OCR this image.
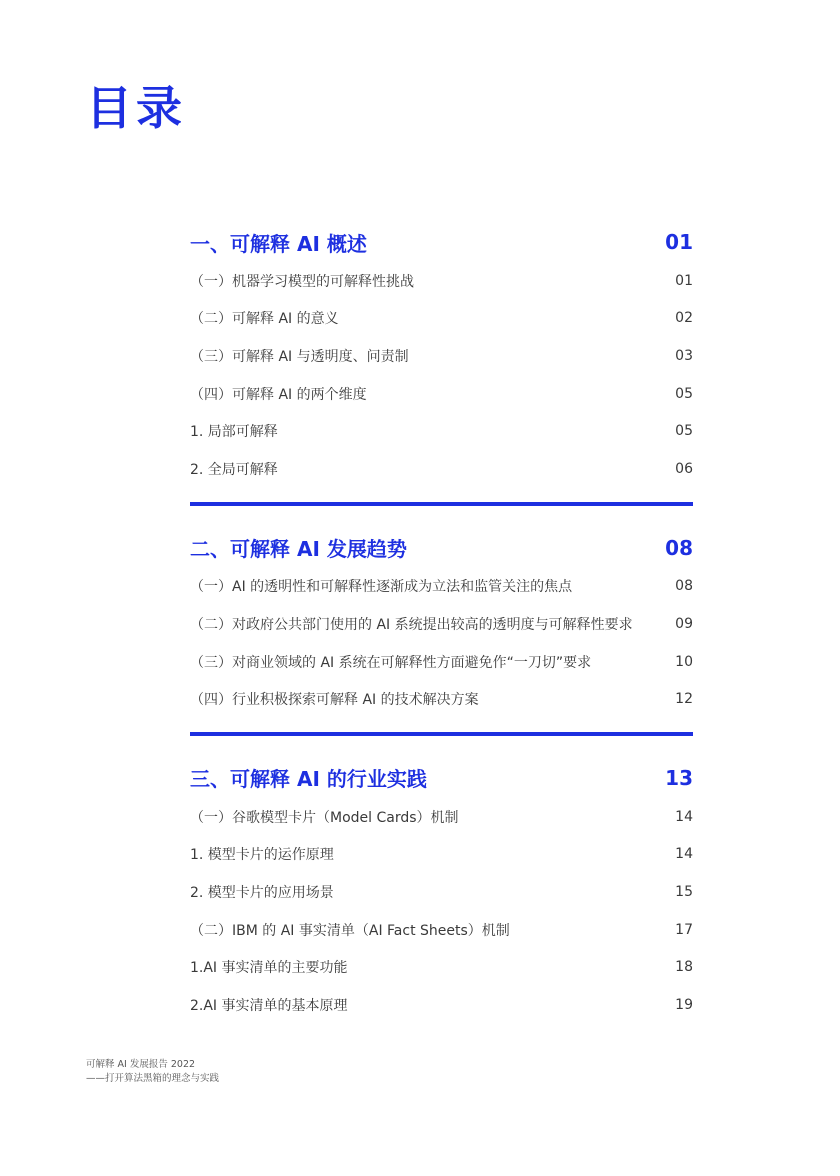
目录
一、可解释 AI 概述	01
（一）机器学习模型的可解释性挑战	01
（二）可解释 AI 的意义	02
（三）可解释 AI 与透明度、问责制	03
（四）可解释 AI 的两个维度	05
1. 局部可解释	05
2. 全局可解释	06
二、可解释 AI 发展趋势	08
（一）AI 的透明性和可解释性逐渐成为立法和监管关注的焦点	08
（二）对政府公共部门使用的 AI 系统提出较高的透明度与可解释性要求	09
（三）对商业领域的 AI 系统在可解释性方面避免作“一刀切”要求	10
（四）行业积极探索可解释 AI 的技术解决方案	12
三、可解释 AI 的行业实践	13
（一）谷歌模型卡片（Model Cards）机制	14
1. 模型卡片的运作原理	14
2. 模型卡片的应用场景	15
（二）IBM 的 AI 事实清单（AI Fact Sheets）机制	17
1.AI 事实清单的主要功能	18
2.AI 事实清单的基本原理	19
可解释 AI 发展报告 2022
——打开算法黑箱的理念与实践
